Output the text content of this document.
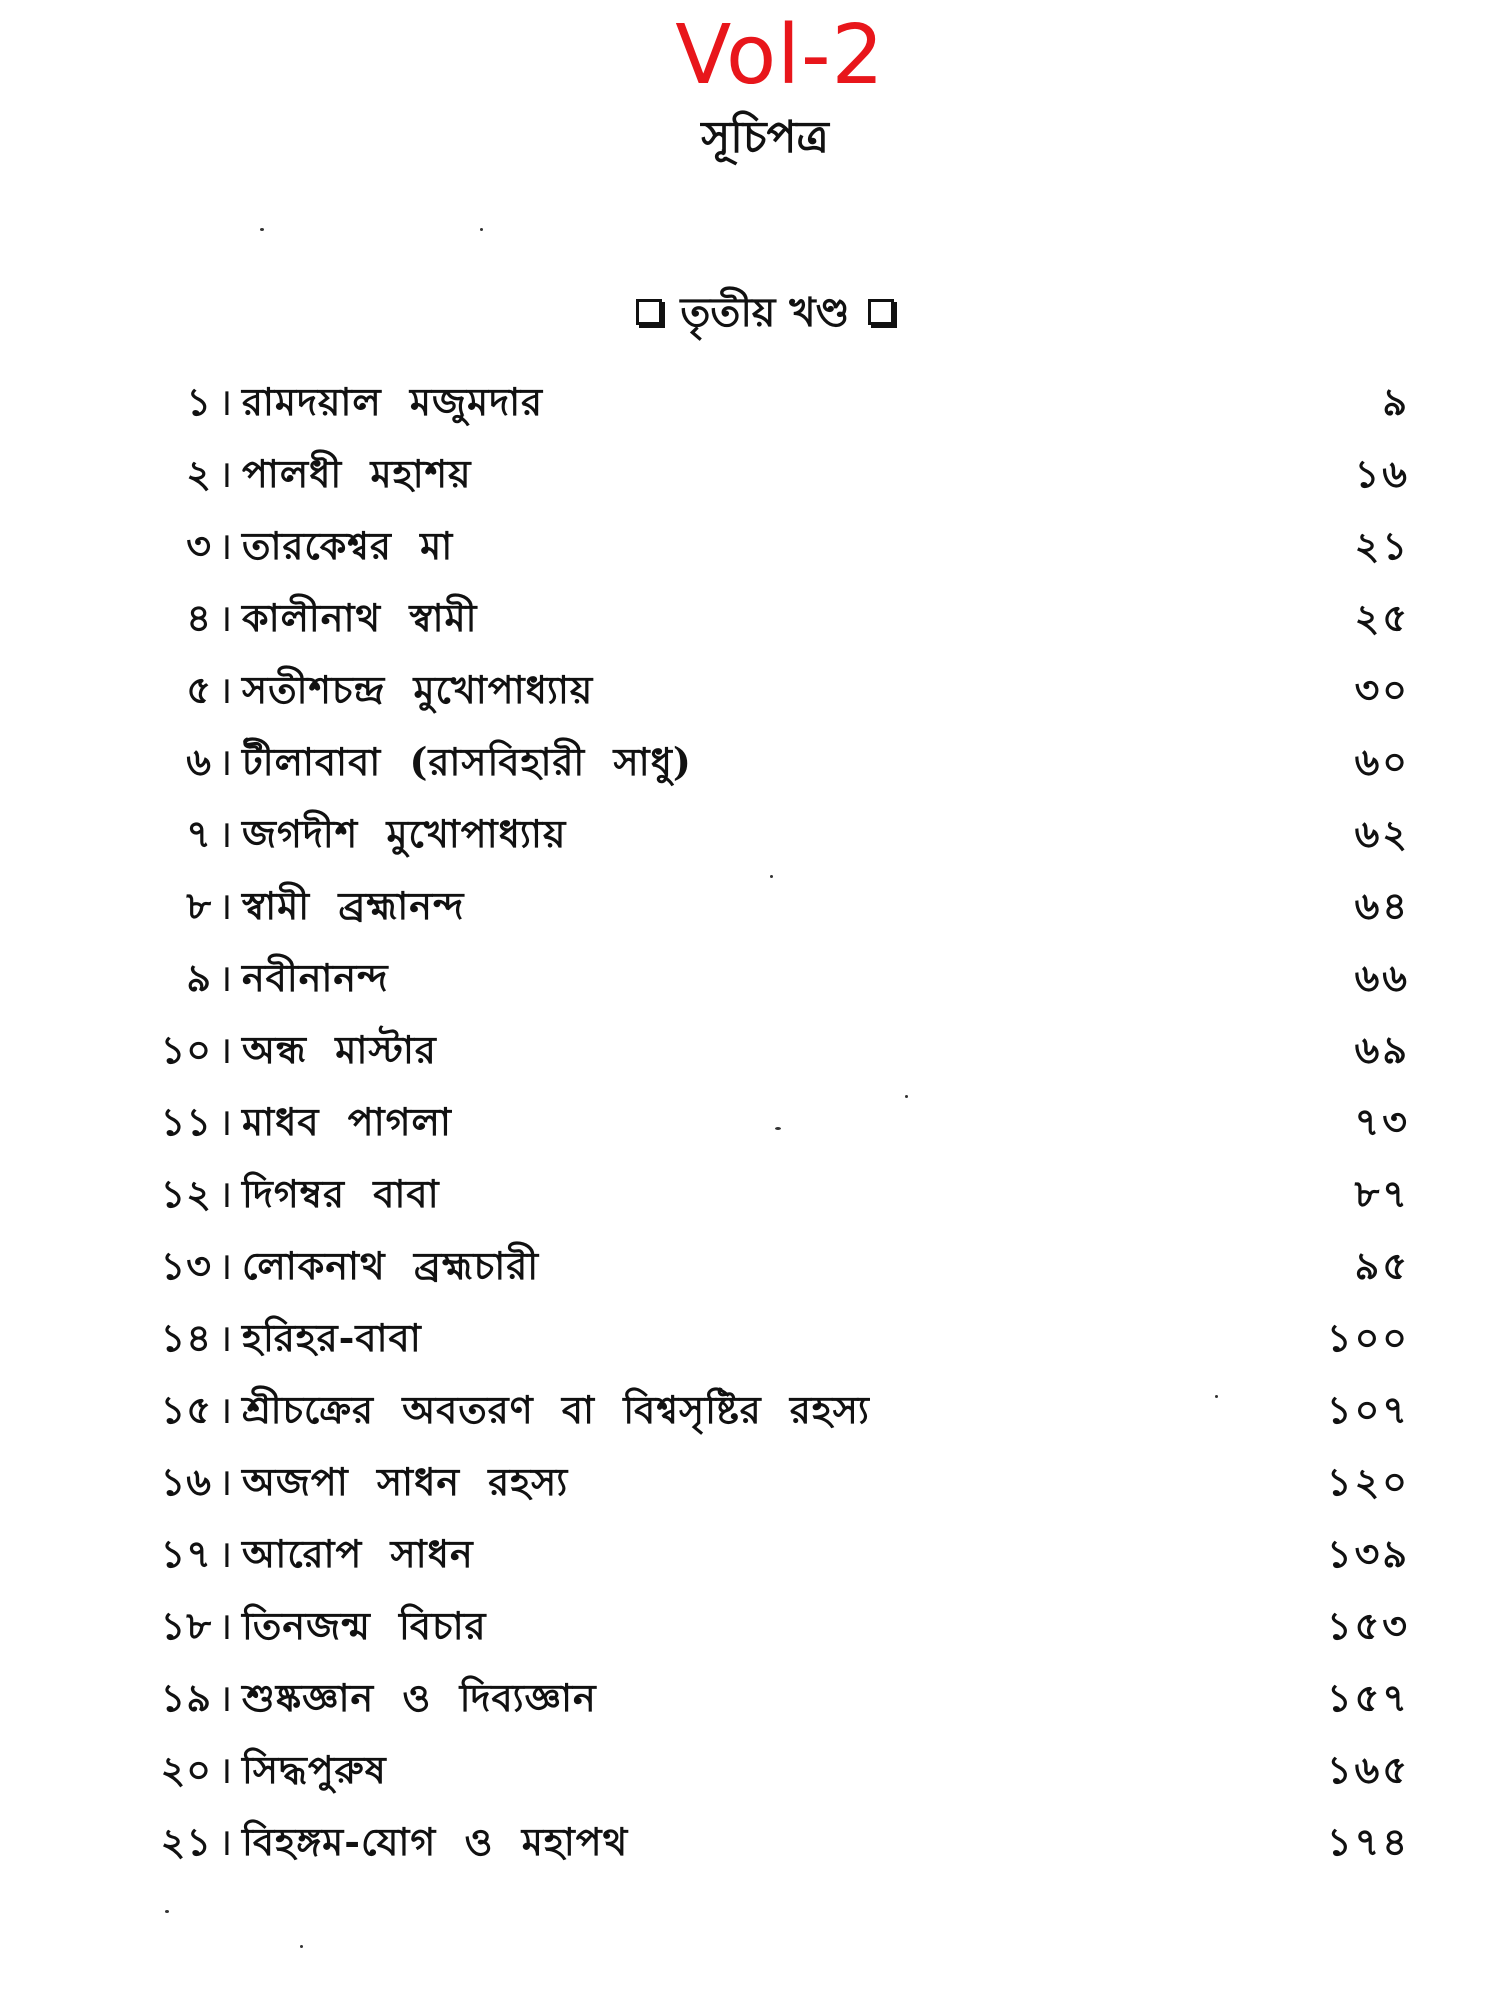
Vol-2
সূচিপত্র
তৃতীয় খণ্ড
১ । রামদয়াল মজুমদার	৯
২ । পালধী মহাশয়	১৬
৩ । তারকেশ্বর মা	২১
৪ । কালীনাথ স্বামী	২৫
৫ । সতীশচন্দ্র মুখোপাধ্যায়	৩০
৬ । টীলাবাবা (রাসবিহারী সাধু)	৬০
৭ । জগদীশ মুখোপাধ্যায়	৬২
৮ । স্বামী ব্রহ্মানন্দ	৬৪
৯ । নবীনানন্দ	৬৬
১০ । অন্ধ মাস্টার	৬৯
১১ । মাধব পাগলা	৭৩
১২ । দিগম্বর বাবা	৮৭
১৩ । লোকনাথ ব্রহ্মচারী	৯৫
১৪ । হরিহর-বাবা	১০০
১৫ । শ্রীচক্রের অবতরণ বা বিশ্বসৃষ্টির রহস্য	১০৭
১৬ । অজপা সাধন রহস্য	১২০
১৭ । আরোপ সাধন	১৩৯
১৮ । তিনজন্ম বিচার	১৫৩
১৯ । শুষ্কজ্ঞান ও দিব্যজ্ঞান	১৫৭
২০ । সিদ্ধপুরুষ	১৬৫
২১ । বিহঙ্গম-যোগ ও মহাপথ	১৭৪
